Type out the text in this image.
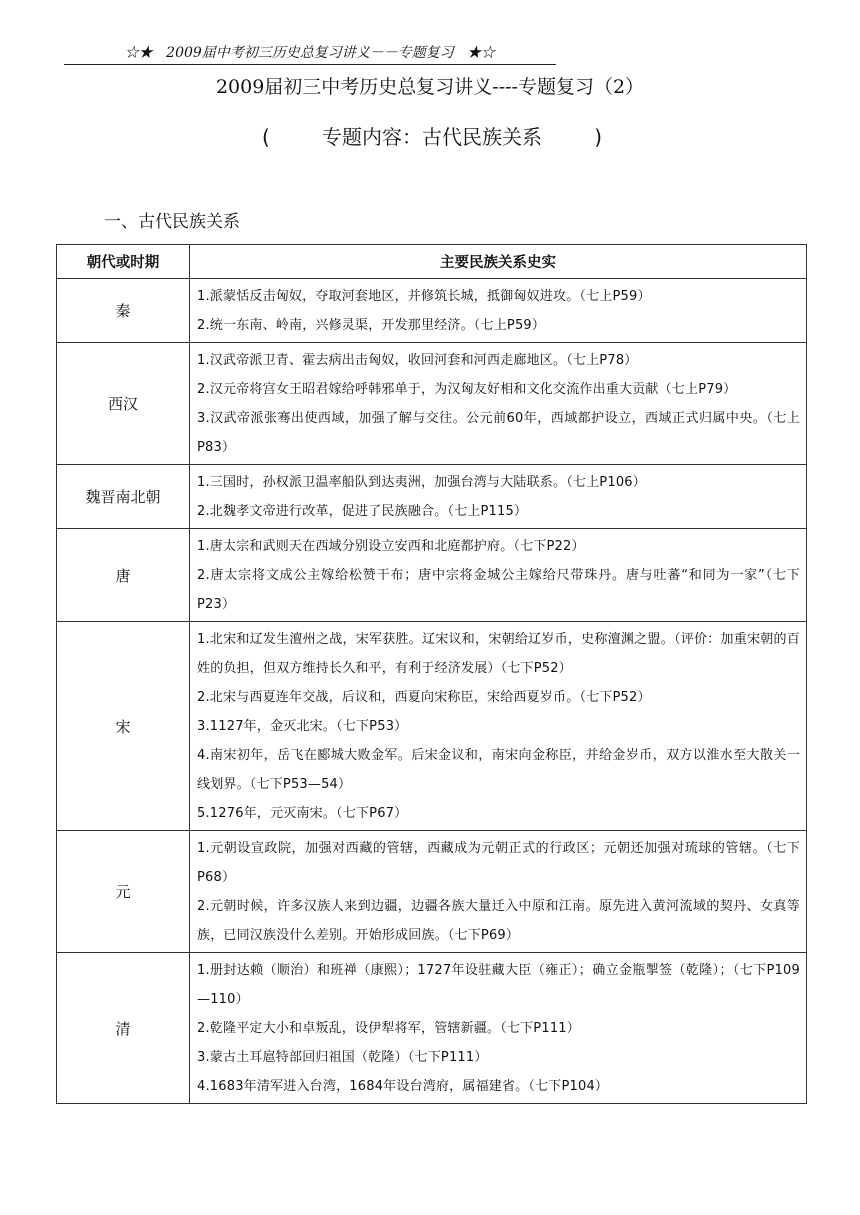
☆★ 2009届中考初三历史总复习讲义－－专题复习 ★☆
2009届初三中考历史总复习讲义----专题复习（2）
(	专题内容：古代民族关系	)
一、古代民族关系
朝代或时期	主要民族关系史实
秦	1.派蒙恬反击匈奴，夺取河套地区，并修筑长城，抵御匈奴进攻。（七上P59）
2.统一东南、岭南，兴修灵渠，开发那里经济。（七上P59）

西汉	1.汉武帝派卫青、霍去病出击匈奴，收回河套和河西走廊地区。（七上P78）
2.汉元帝将宫女王昭君嫁给呼韩邪单于，为汉匈友好相和文化交流作出重大贡献（七上P79）
3.汉武帝派张骞出使西域，加强了解与交往。公元前60年，西域都护设立，西域正式归属中央。（七上P83）

魏晋南北朝	1.三国时，孙权派卫温率船队到达夷洲，加强台湾与大陆联系。（七上P106）
2.北魏孝文帝进行改革，促进了民族融合。（七上P115）

唐	1.唐太宗和武则天在西域分别设立安西和北庭都护府。（七下P22）
2.唐太宗将文成公主嫁给松赞干布；唐中宗将金城公主嫁给尺带珠丹。唐与吐蕃“和同为一家”（七下P23）

宋	1.北宋和辽发生澶州之战，宋军获胜。辽宋议和，宋朝给辽岁币，史称澶渊之盟。（评价：加重宋朝的百姓的负担，但双方维持长久和平，有利于经济发展）（七下P52）
2.北宋与西夏连年交战，后议和，西夏向宋称臣，宋给西夏岁币。（七下P52）
3.1127年，金灭北宋。（七下P53）
4.南宋初年，岳飞在郾城大败金军。后宋金议和，南宋向金称臣，并给金岁币，双方以淮水至大散关一线划界。（七下P53—54）
5.1276年，元灭南宋。（七下P67）

元	1.元朝设宣政院，加强对西藏的管辖，西藏成为元朝正式的行政区；元朝还加强对琉球的管辖。（七下P68）
2.元朝时候，许多汉族人来到边疆，边疆各族大量迁入中原和江南。原先进入黄河流域的契丹、女真等族，已同汉族没什么差别。开始形成回族。（七下P69）

清	1.册封达赖（顺治）和班禅（康熙）；1727年设驻藏大臣（雍正）；确立金瓶掣签（乾隆）；（七下P109—110）
2.乾隆平定大小和卓叛乱，设伊犁将军，管辖新疆。（七下P111）
3.蒙古土耳扈特部回归祖国（乾隆）（七下P111）
4.1683年清军进入台湾，1684年设台湾府，属福建省。（七下P104）
